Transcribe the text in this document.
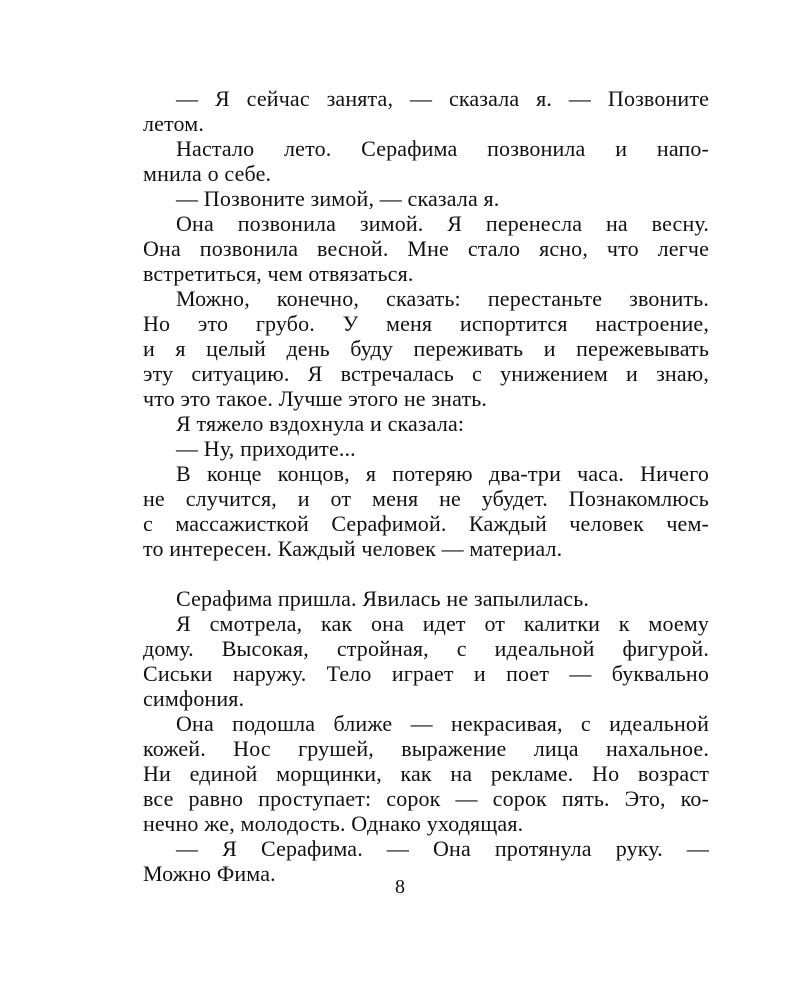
— Я сейчас занята, — сказала я. — Позвоните
летом.
Настало лето. Серафима позвонила и напо-
мнила о себе.
— Позвоните зимой, — сказала я.
Она позвонила зимой. Я перенесла на весну.
Она позвонила весной. Мне стало ясно, что легче
встретиться, чем отвязаться.
Можно, конечно, сказать: перестаньте звонить.
Но это грубо. У меня испортится настроение,
и я целый день буду переживать и пережевывать
эту ситуацию. Я встречалась с унижением и знаю,
что это такое. Лучше этого не знать.
Я тяжело вздохнула и сказала:
— Ну, приходите...
В конце концов, я потеряю два-три часа. Ничего
не случится, и от меня не убудет. Познакомлюсь
с массажисткой Серафимой. Каждый человек чем-
то интересен. Каждый человек — материал.
Серафима пришла. Явилась не запылилась.
Я смотрела, как она идет от калитки к моему
дому. Высокая, стройная, с идеальной фигурой.
Сиськи наружу. Тело играет и поет — буквально
симфония.
Она подошла ближе — некрасивая, с идеальной
кожей. Нос грушей, выражение лица нахальное.
Ни единой морщинки, как на рекламе. Но возраст
все равно проступает: сорок — сорок пять. Это, ко-
нечно же, молодость. Однако уходящая.
— Я Серафима. — Она протянула руку. —
Можно Фима.
8
